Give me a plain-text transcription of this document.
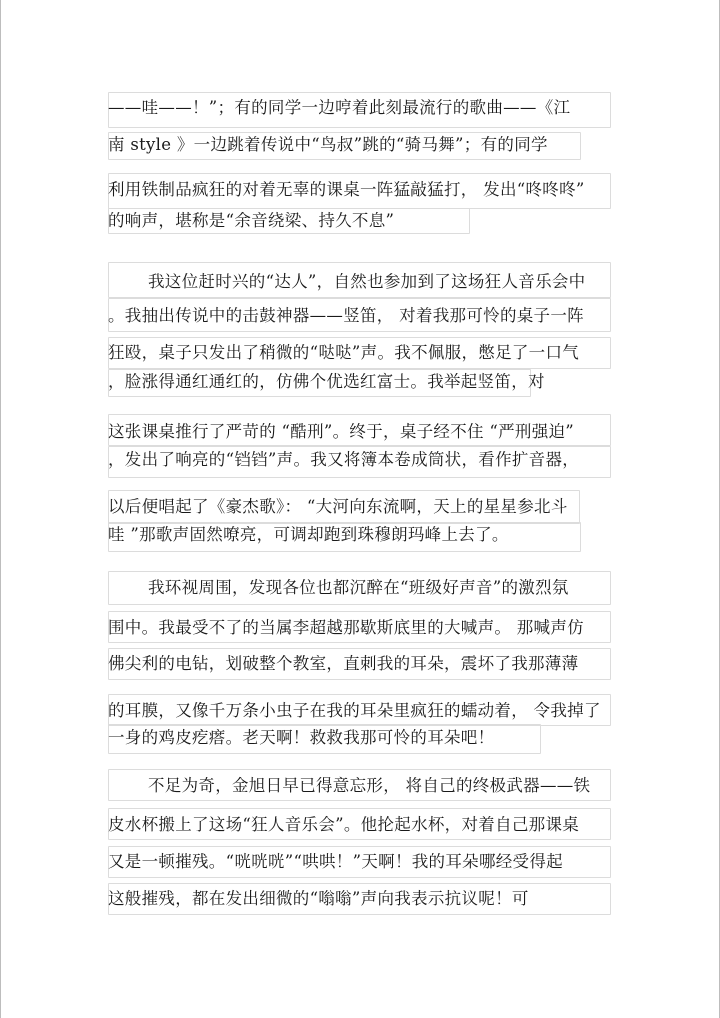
——哇——！”；有的同学一边哼着此刻最流行的歌曲——《江
南 style 》一边跳着传说中“鸟叔”跳的“骑马舞”；有的同学
利用铁制品疯狂的对着无辜的课桌一阵猛敲猛打， 发出“咚咚咚”
的响声，堪称是“余音绕梁、持久不息”
我这位赶时兴的“达人”，自然也参加到了这场狂人音乐会中
。我抽出传说中的击鼓神器——竖笛， 对着我那可怜的桌子一阵
狂殴，桌子只发出了稍微的“哒哒”声。我不佩服，憋足了一口气
，脸涨得通红通红的，仿佛个优选红富士。我举起竖笛，对
这张课桌推行了严苛的 “酷刑”。终于，桌子经不住 “严刑强迫”
，发出了响亮的“铛铛”声。我又将簿本卷成筒状，看作扩音器，
以后便唱起了《豪杰歌》： “大河向东流啊，天上的星星参北斗
哇 ”那歌声固然嘹亮，可调却跑到珠穆朗玛峰上去了。
我环视周围，发现各位也都沉醉在“班级好声音”的激烈氛
围中。我最受不了的当属李超越那歇斯底里的大喊声。 那喊声仿
佛尖利的电钻，划破整个教室，直刺我的耳朵，震坏了我那薄薄
的耳膜，又像千万条小虫子在我的耳朵里疯狂的蠕动着， 令我掉了
一身的鸡皮疙瘩。老天啊！救救我那可怜的耳朵吧！
不足为奇，金旭日早已得意忘形， 将自己的终极武器——铁
皮水杯搬上了这场“狂人音乐会”。他抡起水杯，对着自己那课桌
又是一顿摧残。“咣咣咣”“哄哄！”天啊！我的耳朵哪经受得起
这般摧残，都在发出细微的“嗡嗡”声向我表示抗议呢！可
